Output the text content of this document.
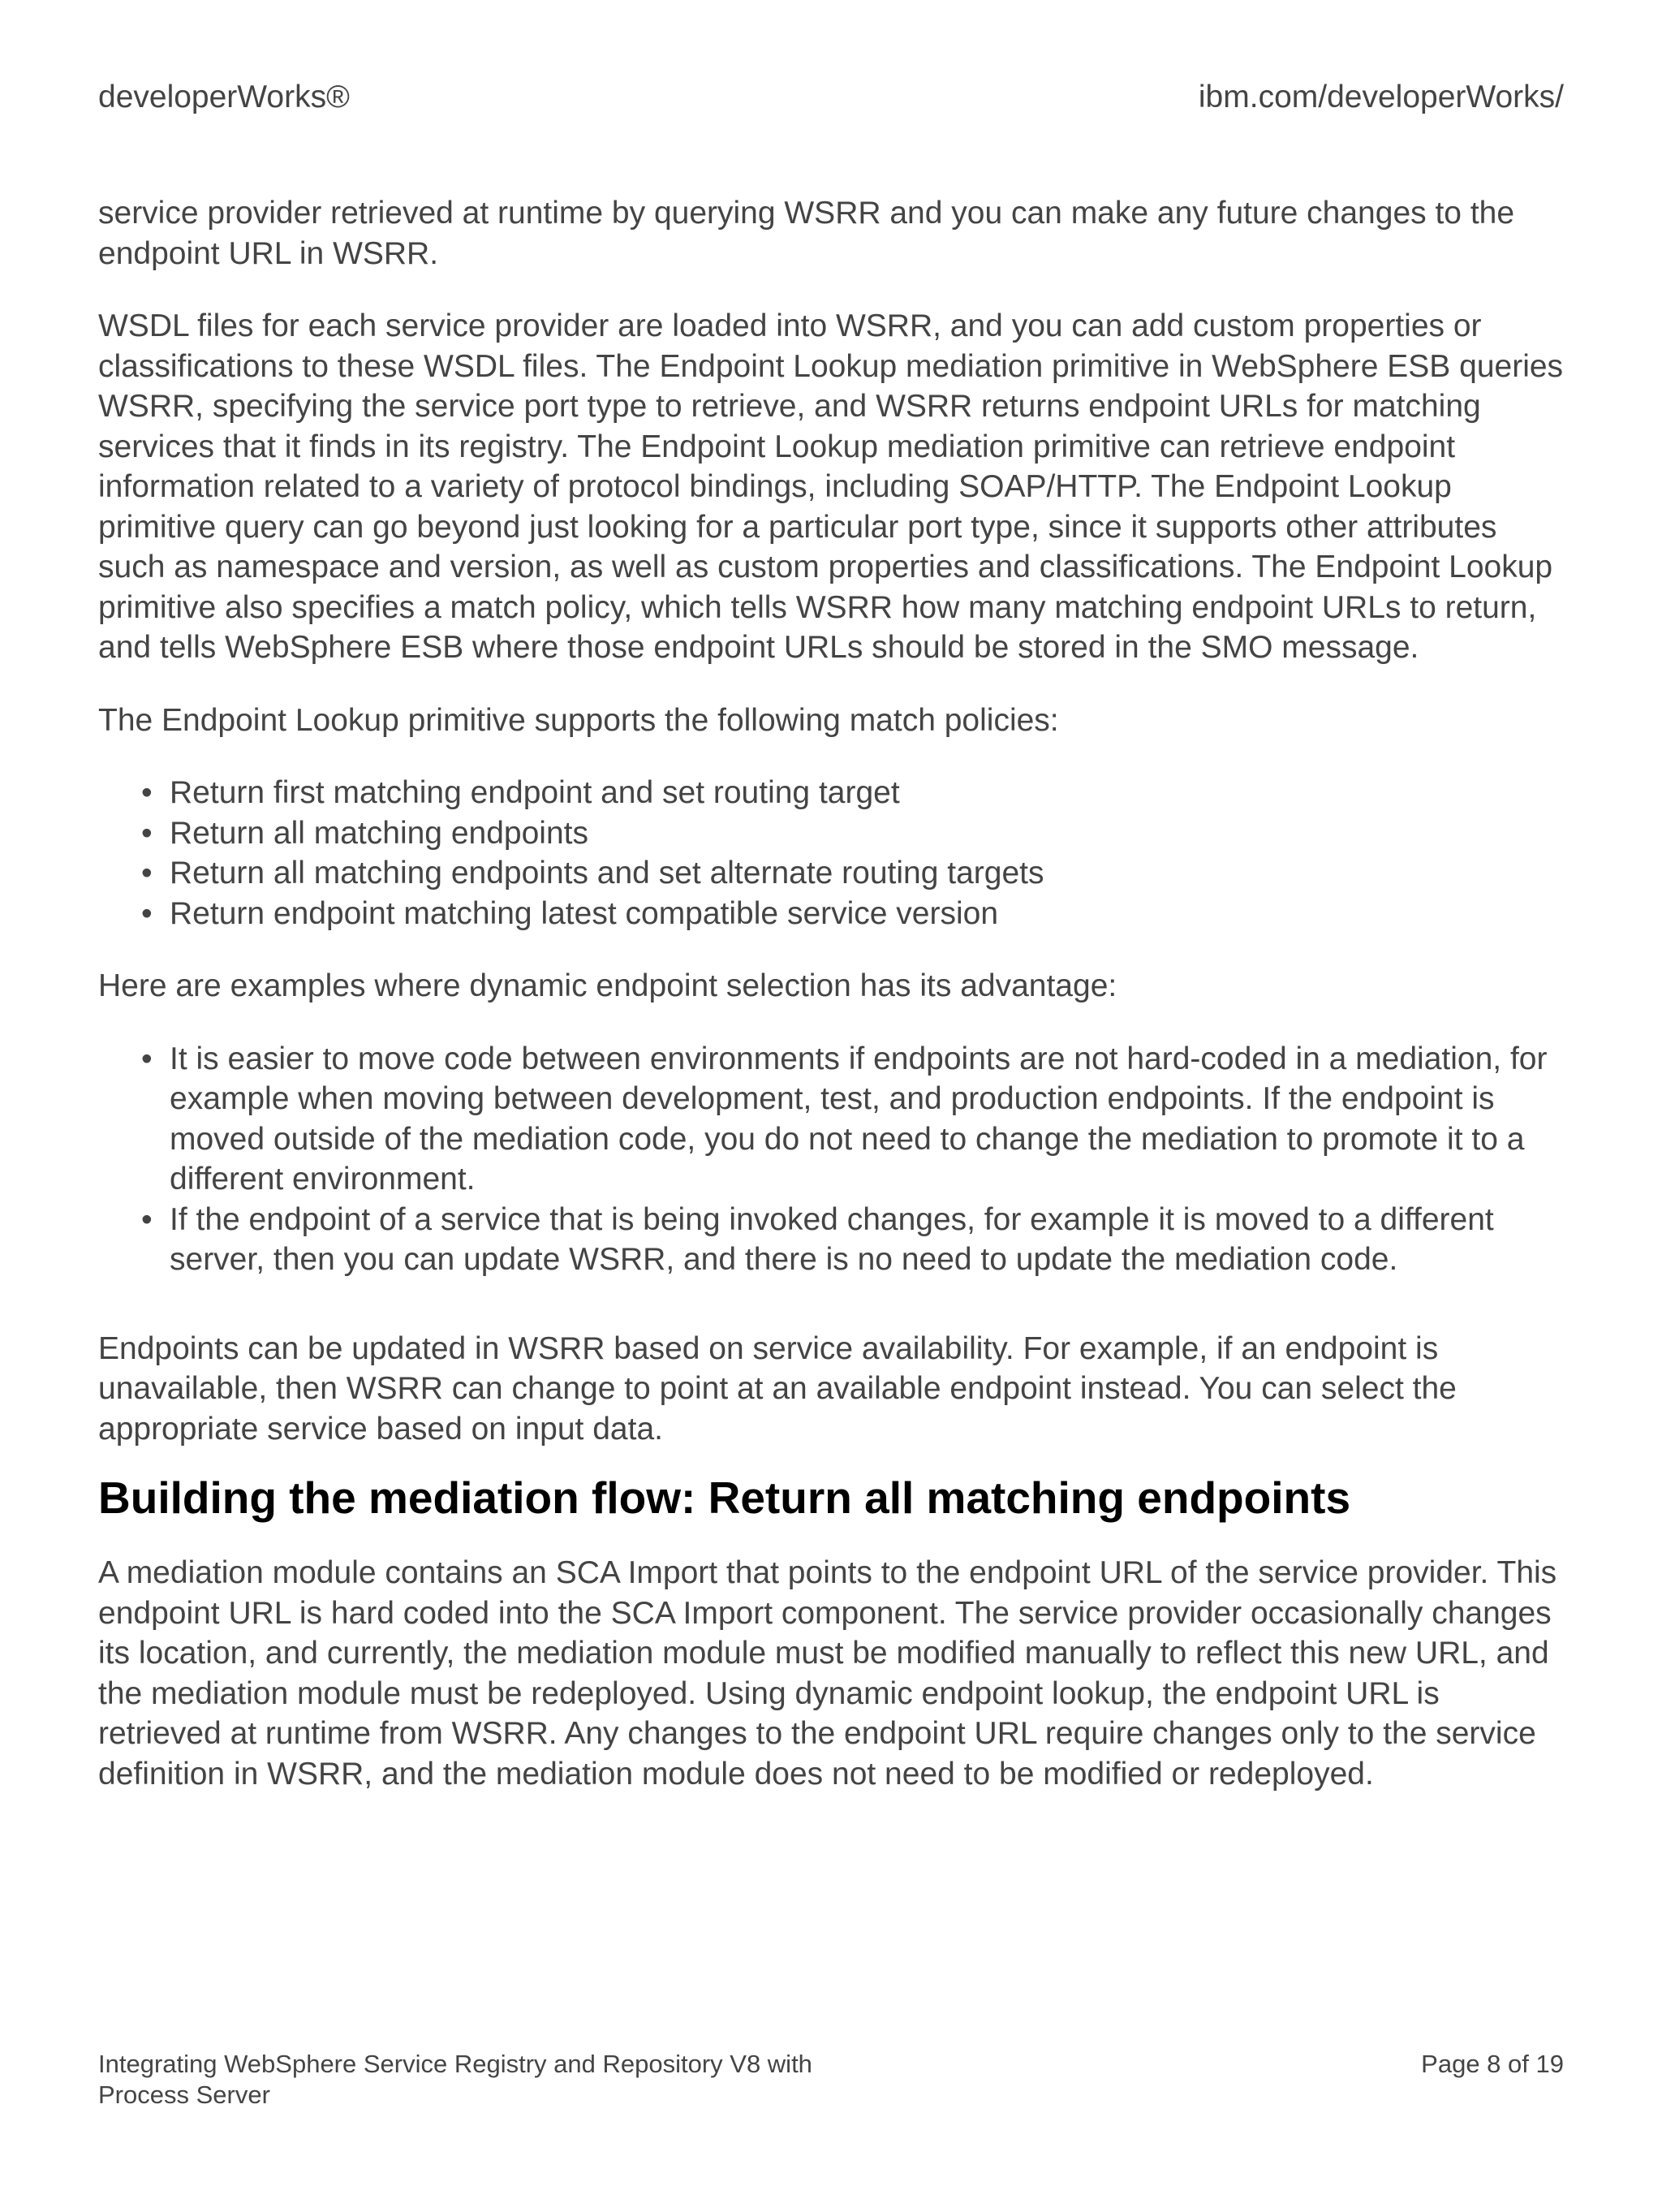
developerWorks®	ibm.com/developerWorks/

service provider retrieved at runtime by querying WSRR and you can make any future changes to the endpoint URL in WSRR.

WSDL files for each service provider are loaded into WSRR, and you can add custom properties or classifications to these WSDL files. The Endpoint Lookup mediation primitive in WebSphere ESB queries WSRR, specifying the service port type to retrieve, and WSRR returns endpoint URLs for matching services that it finds in its registry. The Endpoint Lookup mediation primitive can retrieve endpoint information related to a variety of protocol bindings, including SOAP/HTTP. The Endpoint Lookup primitive query can go beyond just looking for a particular port type, since it supports other attributes such as namespace and version, as well as custom properties and classifications. The Endpoint Lookup primitive also specifies a match policy, which tells WSRR how many matching endpoint URLs to return, and tells WebSphere ESB where those endpoint URLs should be stored in the SMO message.

The Endpoint Lookup primitive supports the following match policies:

• Return first matching endpoint and set routing target
• Return all matching endpoints
• Return all matching endpoints and set alternate routing targets
• Return endpoint matching latest compatible service version

Here are examples where dynamic endpoint selection has its advantage:

• It is easier to move code between environments if endpoints are not hard-coded in a mediation, for example when moving between development, test, and production endpoints. If the endpoint is moved outside of the mediation code, you do not need to change the mediation to promote it to a different environment.
• If the endpoint of a service that is being invoked changes, for example it is moved to a different server, then you can update WSRR, and there is no need to update the mediation code.

Endpoints can be updated in WSRR based on service availability. For example, if an endpoint is unavailable, then WSRR can change to point at an available endpoint instead. You can select the appropriate service based on input data.

Building the mediation flow: Return all matching endpoints

A mediation module contains an SCA Import that points to the endpoint URL of the service provider. This endpoint URL is hard coded into the SCA Import component. The service provider occasionally changes its location, and currently, the mediation module must be modified manually to reflect this new URL, and the mediation module must be redeployed. Using dynamic endpoint lookup, the endpoint URL is retrieved at runtime from WSRR. Any changes to the endpoint URL require changes only to the service definition in WSRR, and the mediation module does not need to be modified or redeployed.

Integrating WebSphere Service Registry and Repository V8 with Process Server
Page 8 of 19
